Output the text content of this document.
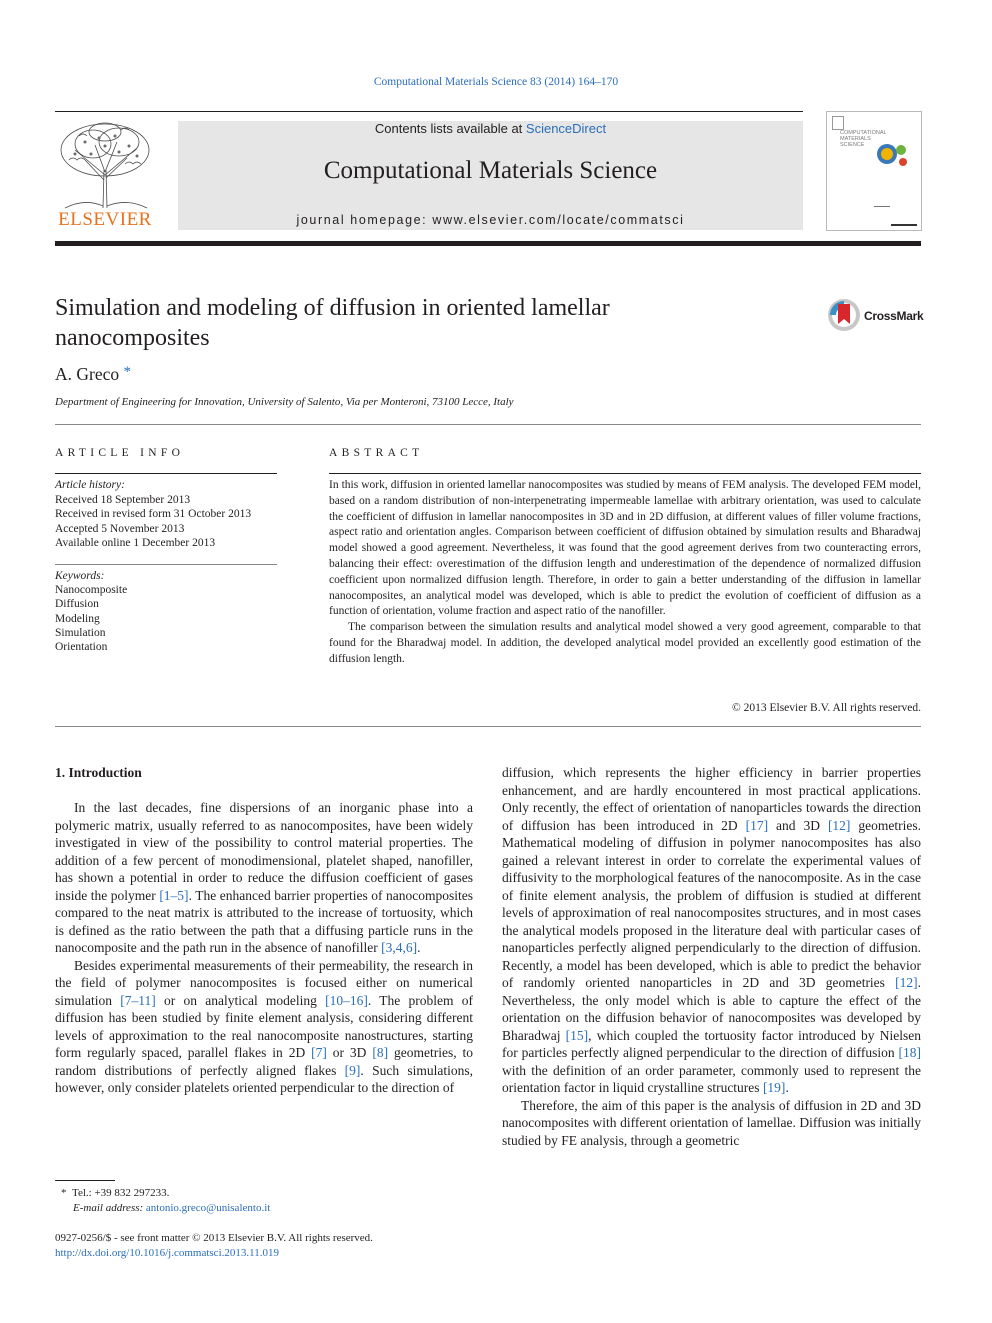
Computational Materials Science 83 (2014) 164–170
ELSEVIER
Contents lists available at ScienceDirect
Computational Materials Science
journal homepage: www.elsevier.com/locate/commatsci
COMPUTATIONAL
MATERIALS
SCIENCE
Simulation and modeling of diffusion in oriented lamellar
nanocomposites
CrossMark
A. Greco *
Department of Engineering for Innovation, University of Salento, Via per Monteroni, 73100 Lecce, Italy
ARTICLE INFO
Article history:
Received 18 September 2013
Received in revised form 31 October 2013
Accepted 5 November 2013
Available online 1 December 2013
Keywords:
Nanocomposite
Diffusion
Modeling
Simulation
Orientation
ABSTRACT

In this work, diffusion in oriented lamellar nanocomposites was studied by means of FEM analysis. The developed FEM model, based on a random distribution of non-interpenetrating impermeable lamellae with arbitrary orientation, was used to calculate the coefficient of diffusion in lamellar nanocomposites in 3D and in 2D diffusion, at different values of filler volume fractions, aspect ratio and orientation angles. Comparison between coefficient of diffusion obtained by simulation results and Bharadwaj model showed a good agreement. Nevertheless, it was found that the good agreement derives from two counteracting errors, balancing their effect: overestimation of the diffusion length and underestimation of the dependence of normalized diffusion coefficient upon normalized diffusion length. Therefore, in order to gain a better understanding of the diffusion in lamellar nanocomposites, an analytical model was developed, which is able to predict the evolution of coefficient of diffusion as a function of orientation, volume fraction and aspect ratio of the nanofiller.

The comparison between the simulation results and analytical model showed a very good agreement, comparable to that found for the Bharadwaj model. In addition, the developed analytical model provided an excellently good estimation of the diffusion length.

© 2013 Elsevier B.V. All rights reserved.

1. Introduction

In the last decades, fine dispersions of an inorganic phase into a polymeric matrix, usually referred to as nanocomposites, have been widely investigated in view of the possibility to control material properties. The addition of a few percent of monodimensional, platelet shaped, nanofiller, has shown a potential in order to reduce the diffusion coefficient of gases inside the polymer [1–5]. The enhanced barrier properties of nanocomposites compared to the neat matrix is attributed to the increase of tortuosity, which is defined as the ratio between the path that a diffusing particle runs in the nanocomposite and the path run in the absence of nanofiller [3,4,6].

Besides experimental measurements of their permeability, the research in the field of polymer nanocomposites is focused either on numerical simulation [7–11] or on analytical modeling [10–16]. The problem of diffusion has been studied by finite element analysis, considering different levels of approximation to the real nanocomposite nanostructures, starting form regularly spaced, parallel flakes in 2D [7] or 3D [8] geometries, to random distributions of perfectly aligned flakes [9]. Such simulations, however, only consider platelets oriented perpendicular to the direction of

diffusion, which represents the higher efficiency in barrier properties enhancement, and are hardly encountered in most practical applications. Only recently, the effect of orientation of nanoparticles towards the direction of diffusion has been introduced in 2D [17] and 3D [12] geometries. Mathematical modeling of diffusion in polymer nanocomposites has also gained a relevant interest in order to correlate the experimental values of diffusivity to the morphological features of the nanocomposite. As in the case of finite element analysis, the problem of diffusion is studied at different levels of approximation of real nanocomposites structures, and in most cases the analytical models proposed in the literature deal with particular cases of nanoparticles perfectly aligned perpendicularly to the direction of diffusion. Recently, a model has been developed, which is able to predict the behavior of randomly oriented nanoparticles in 2D and 3D geometries [12]. Nevertheless, the only model which is able to capture the effect of the orientation on the diffusion behavior of nanocomposites was developed by Bharadwaj [15], which coupled the tortuosity factor introduced by Nielsen for particles perfectly aligned perpendicular to the direction of diffusion [18] with the definition of an order parameter, commonly used to represent the orientation factor in liquid crystalline structures [19].

Therefore, the aim of this paper is the analysis of diffusion in 2D and 3D nanocomposites with different orientation of lamellae. Diffusion was initially studied by FE analysis, through a geometric

* Tel.: +39 832 297233.
E-mail address: antonio.greco@unisalento.it
0927-0256/$ - see front matter © 2013 Elsevier B.V. All rights reserved.
http://dx.doi.org/10.1016/j.commatsci.2013.11.019
